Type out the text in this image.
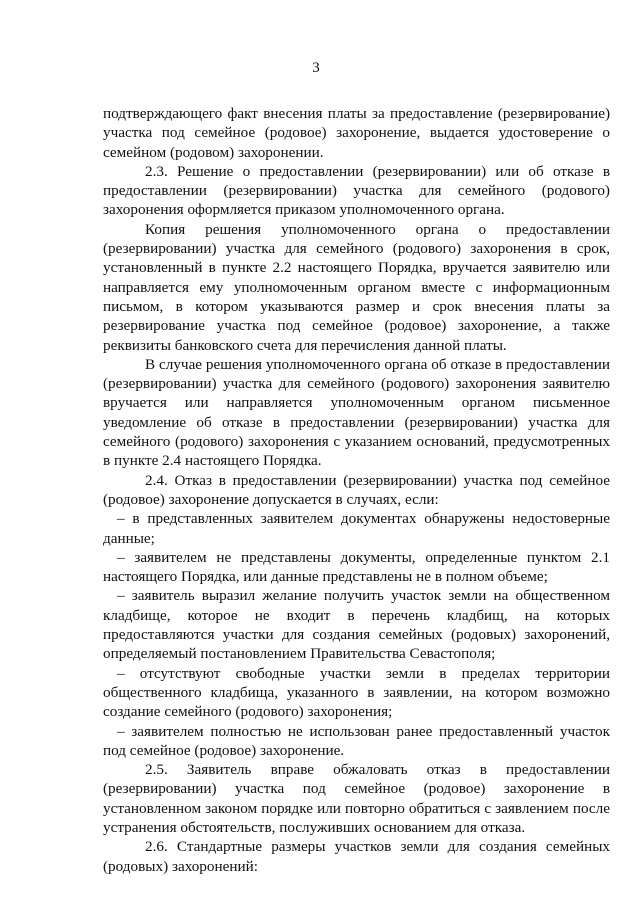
3

подтверждающего факт внесения платы за предоставление (резервирование) участка под семейное (родовое) захоронение, выдается удостоверение о семейном (родовом) захоронении.

2.3. Решение о предоставлении (резервировании) или об отказе в предоставлении (резервировании) участка для семейного (родового) захоронения оформляется приказом уполномоченного органа.

Копия решения уполномоченного органа о предоставлении (резервировании) участка для семейного (родового) захоронения в срок, установленный в пункте 2.2 настоящего Порядка, вручается заявителю или направляется ему уполномоченным органом вместе с информационным письмом, в котором указываются размер и срок внесения платы за резервирование участка под семейное (родовое) захоронение, а также реквизиты банковского счета для перечисления данной платы.

В случае решения уполномоченного органа об отказе в предоставлении (резервировании) участка для семейного (родового) захоронения заявителю вручается или направляется уполномоченным органом письменное уведомление об отказе в предоставлении (резервировании) участка для семейного (родового) захоронения с указанием оснований, предусмотренных в пункте 2.4 настоящего Порядка.

2.4. Отказ в предоставлении (резервировании) участка под семейное (родовое) захоронение допускается в случаях, если:

– в представленных заявителем документах обнаружены недостоверные данные;

– заявителем не представлены документы, определенные пунктом 2.1 настоящего Порядка, или данные представлены не в полном объеме;

– заявитель выразил желание получить участок земли на общественном кладбище, которое не входит в перечень кладбищ, на которых предоставляются участки для создания семейных (родовых) захоронений, определяемый постановлением Правительства Севастополя;

– отсутствуют свободные участки земли в пределах территории общественного кладбища, указанного в заявлении, на котором возможно создание семейного (родового) захоронения;

– заявителем полностью не использован ранее предоставленный участок под семейное (родовое) захоронение.

2.5. Заявитель вправе обжаловать отказ в предоставлении (резервировании) участка под семейное (родовое) захоронение в установленном законом порядке или повторно обратиться с заявлением после устранения обстоятельств, послуживших основанием для отказа.

2.6. Стандартные размеры участков земли для создания семейных (родовых) захоронений:
